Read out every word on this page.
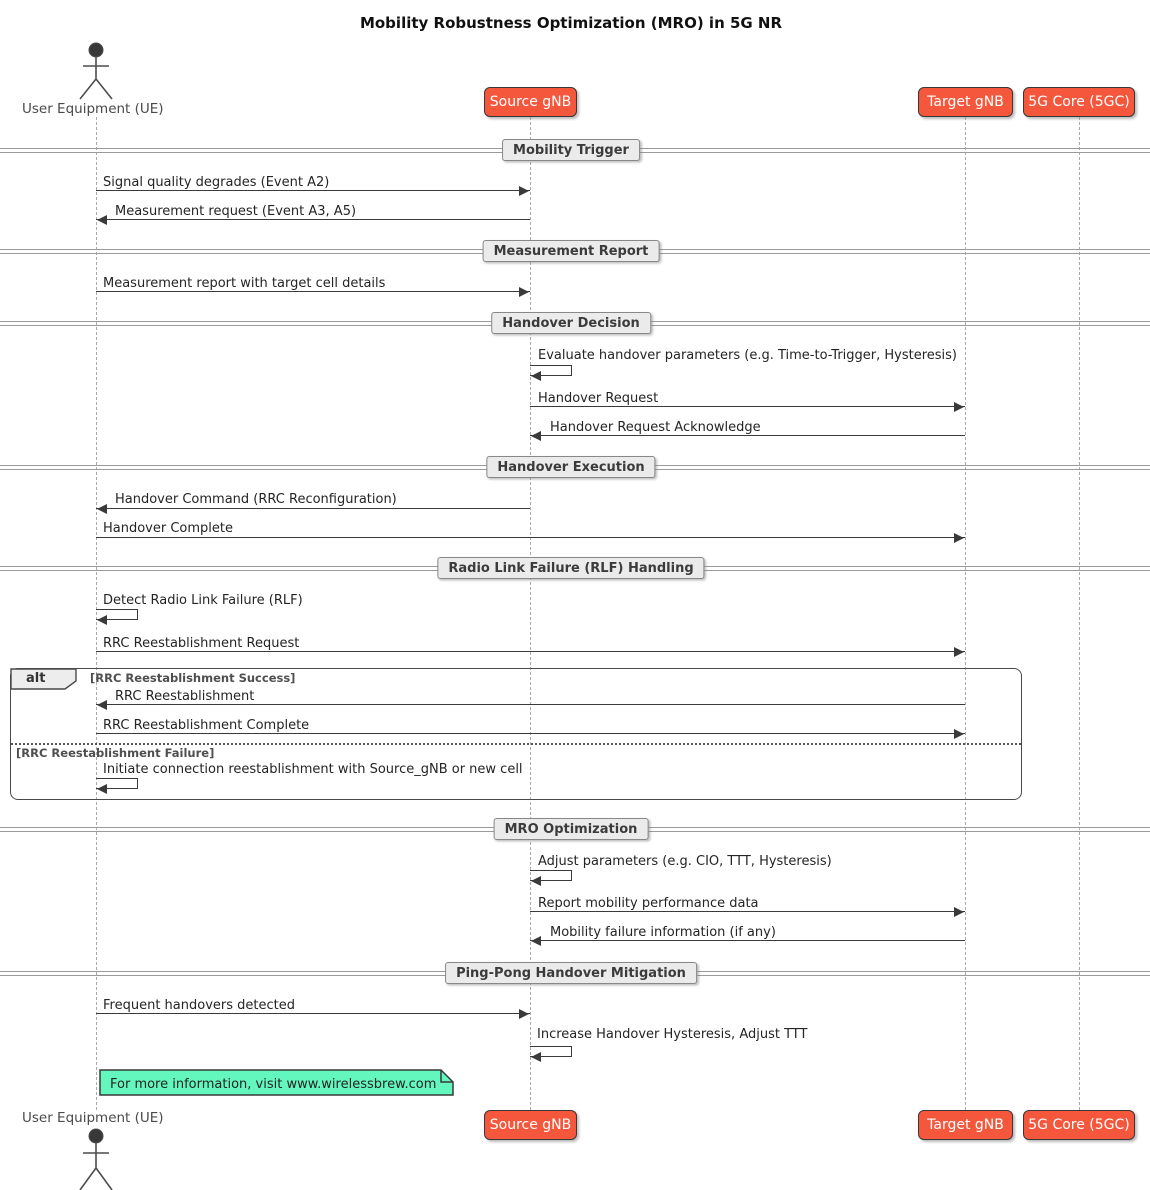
Mobility Robustness Optimization (MRO) in 5G NR
User Equipment (UE)	Source gNB	Target gNB	5G Core (5GC)
Mobility Trigger
Signal quality degrades (Event A2)
Measurement request (Event A3, A5)
Measurement Report
Measurement report with target cell details
Handover Decision
Evaluate handover parameters (e.g. Time-to-Trigger, Hysteresis)
Handover Request
Handover Request Acknowledge
Handover Execution
Handover Command (RRC Reconfiguration)
Handover Complete
Radio Link Failure (RLF) Handling
Detect Radio Link Failure (RLF)
RRC Reestablishment Request
alt	[RRC Reestablishment Success]
RRC Reestablishment
RRC Reestablishment Complete
[RRC Reestablishment Failure]
Initiate connection reestablishment with Source_gNB or new cell
MRO Optimization
Adjust parameters (e.g. CIO, TTT, Hysteresis)
Report mobility performance data
Mobility failure information (if any)
Ping-Pong Handover Mitigation
Frequent handovers detected
Increase Handover Hysteresis, Adjust TTT
For more information, visit www.wirelessbrew.com
User Equipment (UE)	Source gNB	Target gNB	5G Core (5GC)
